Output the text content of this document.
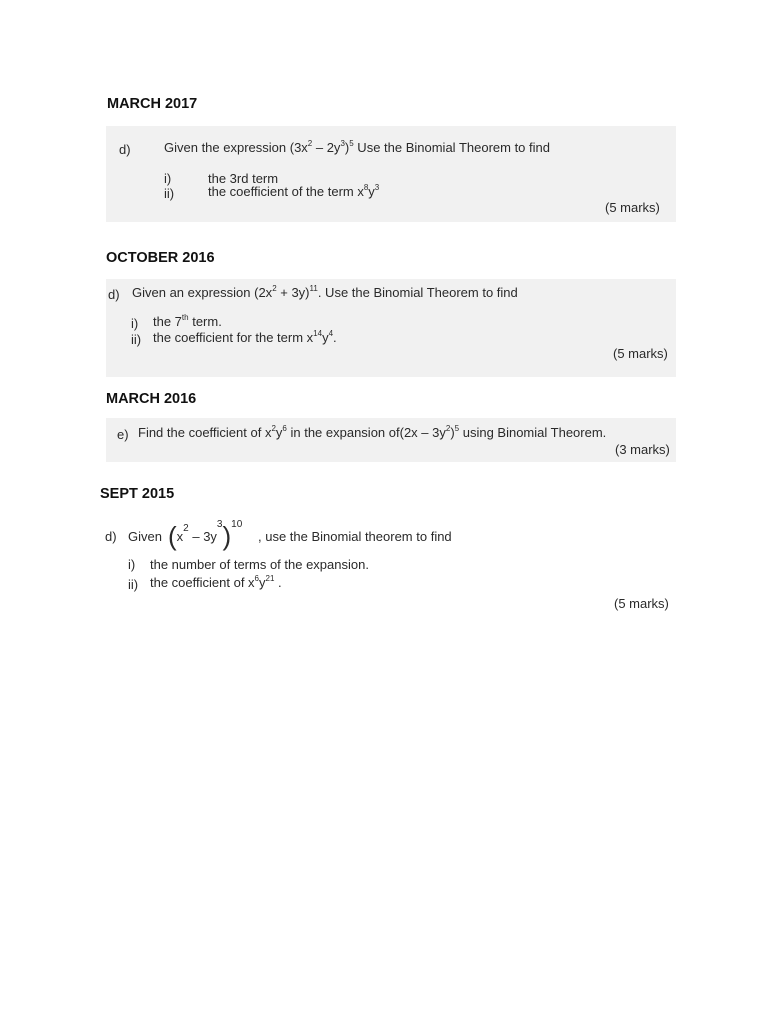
MARCH 2017
d)	Given the expression $(3x^2 - 2y^3)^5$ Use the Binomial Theorem to find
i)	the 3rd term
ii)	the coefficient of the term $x^8y^3$
(5 marks)
OCTOBER 2016
d) Given an expression $(2x^2 + 3y)^{11}$. Use the Binomial Theorem to find
i) the 7th term.
ii) the coefficient for the term $x^{14}y^4$.
(5 marks)
MARCH 2016
e) Find the coefficient of $x^2y^6$ in the expansion $of(2x - 3y^2)^5$ using Binomial Theorem.
(3 marks)
SEPT 2015
d) Given $(x^2 - 3y^3)^{10}$
, use the Binomial theorem to find
i) the number of terms of the expansion.
ii) the coefficient of $x^6y^{21}$ .
(5 marks)
